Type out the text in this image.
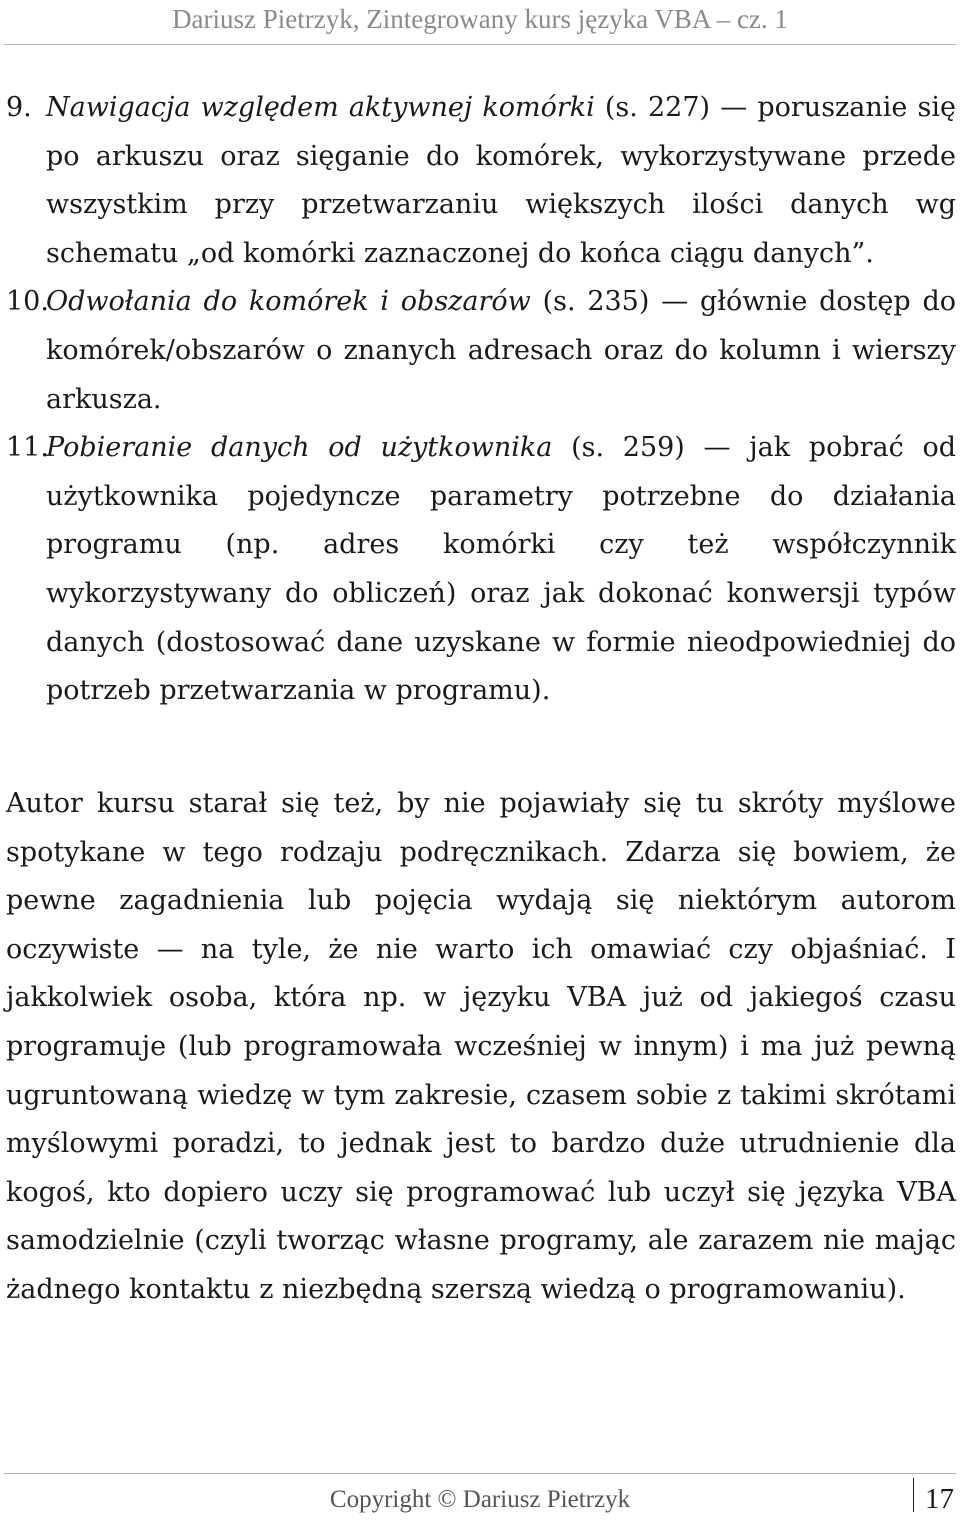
Dariusz Pietrzyk, Zintegrowany kurs języka VBA – cz. 1

9. Nawigacja względem aktywnej komórki (s. 227) — poruszanie się po arkuszu oraz sięganie do komórek, wykorzystywane przede wszystkim przy przetwarzaniu większych ilości danych wg schematu „od komórki zaznaczonej do końca ciągu danych”.

10.
Odwołania do komórek i obszarów (s. 235) — głównie dostęp do komórek/obszarów o znanych adresach oraz do kolumn i wierszy arkusza.

11.
Pobieranie danych od użytkownika (s. 259) — jak pobrać od użytkownika pojedyncze parametry potrzebne do działania programu (np. adres komórki czy też współczynnik wykorzystywany do obliczeń) oraz jak dokonać konwersji typów danych (dostosować dane uzyskane w formie nieodpowiedniej do potrzeb przetwarzania w programu).

Autor kursu starał się też, by nie pojawiały się tu skróty myślowe spotykane w tego rodzaju podręcznikach. Zdarza się bowiem, że pewne zagadnienia lub pojęcia wydają się niektórym autorom oczywiste — na tyle, że nie warto ich omawiać czy objaśniać. I jakkolwiek osoba, która np. w języku VBA już od jakiegoś czasu programuje (lub programowała wcześniej w innym) i ma już pewną ugruntowaną wiedzę w tym zakresie, czasem sobie z takimi skrótami myślowymi poradzi, to jednak jest to bardzo duże utrudnienie dla kogoś, kto dopiero uczy się programować lub uczył się języka VBA samodzielnie (czyli tworząc własne programy, ale zarazem nie mając żadnego kontaktu z niezbędną szerszą wiedzą o programowaniu).

Copyright © Dariusz Pietrzyk	17
